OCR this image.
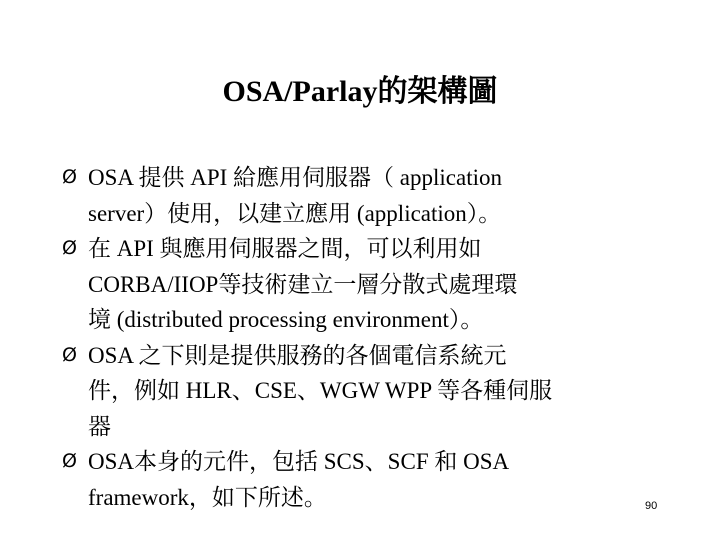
OSA/Parlay的架構圖
Ø OSA 提供 API 給應用伺服器（ application
server）使用，以建立應用 (application）。
Ø 在 API 與應用伺服器之間，可以利用如
CORBA/IIOP等技術建立一層分散式處理環
境 (distributed processing environment）。
Ø OSA 之下則是提供服務的各個電信系統元
件，例如 HLR、CSE、WGW WPP 等各種伺服
器
Ø OSA本身的元件，包括 SCS、SCF 和 OSA
framework，如下所述。	90
